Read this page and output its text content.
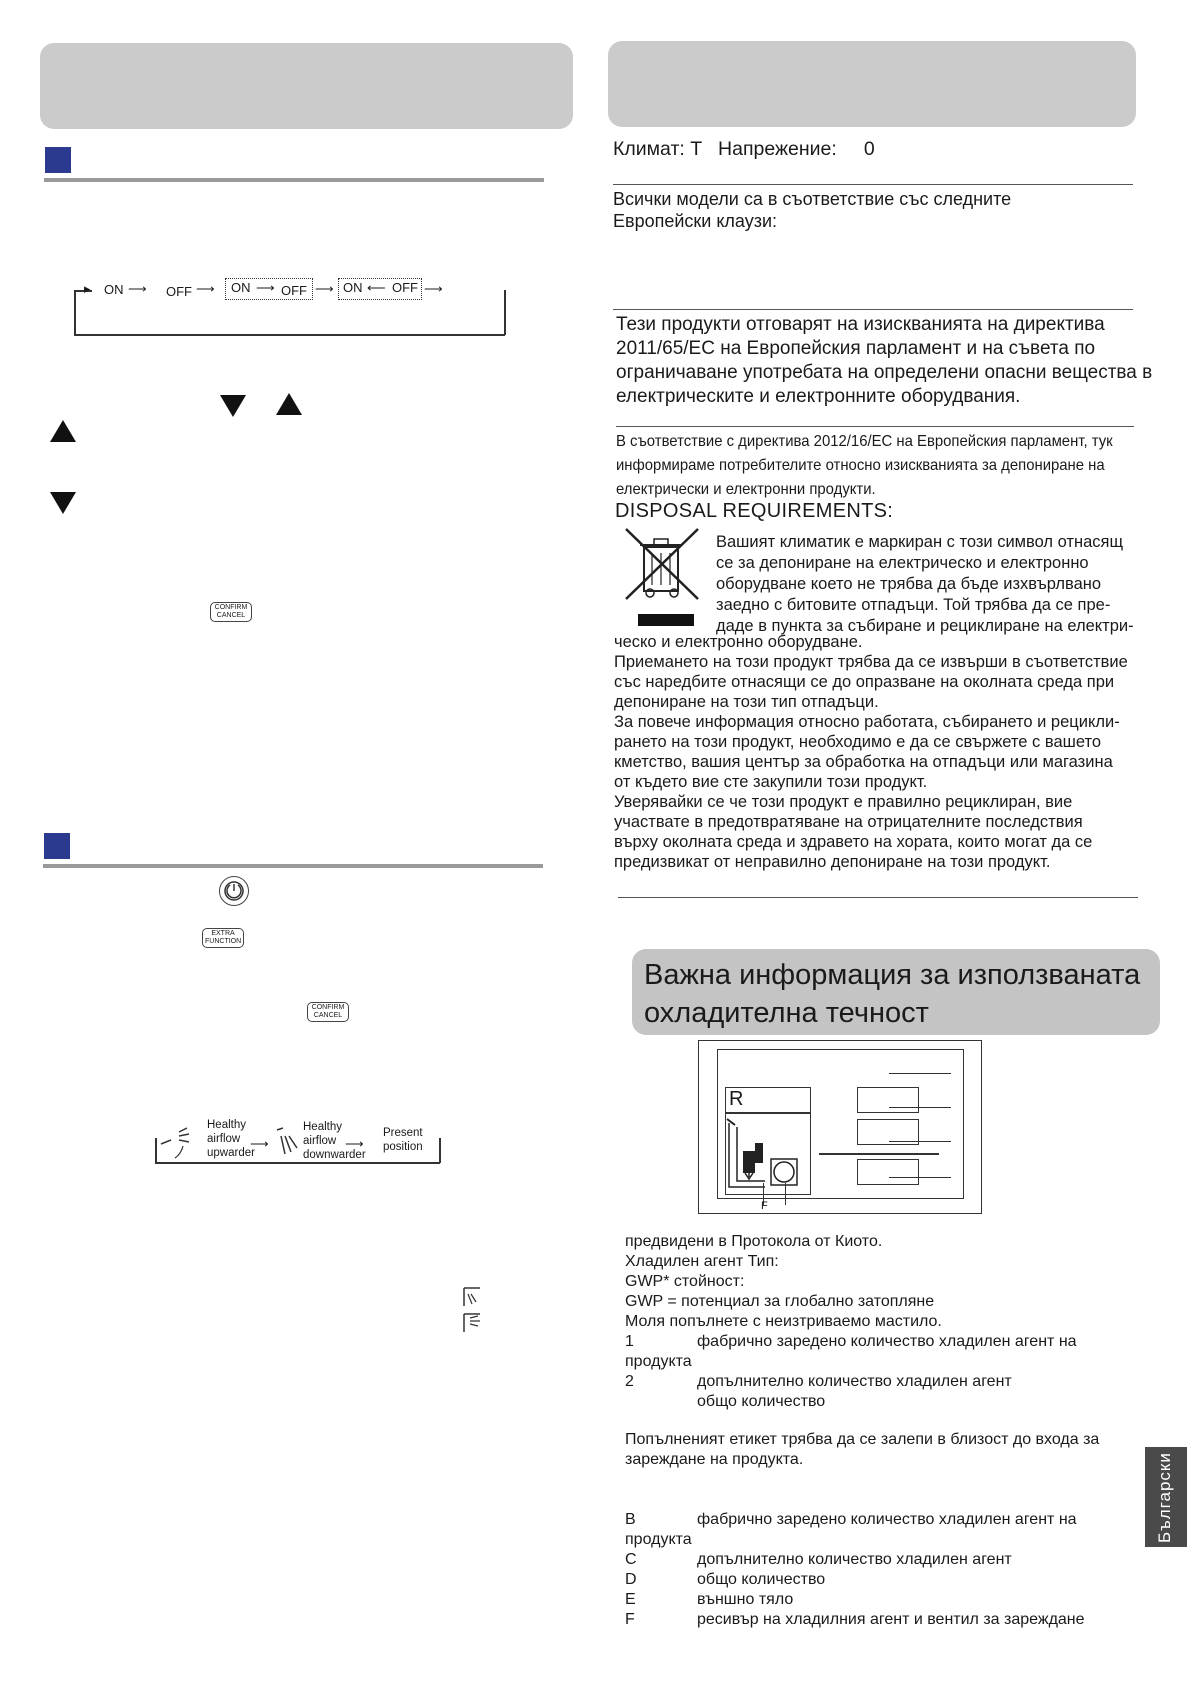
▸ ON ⟶ OFF ⟶ ON ⟶ OFF ⟶ ON ⟵ OFF ⟶
CONFIRM
CANCEL
EXTRA
FUNCTION
CONFIRM
CANCEL
Healthy airflow upwarder
⟶
Healthy airflow downwarder
⟶
Present position
Климат: T   Напрежение:     0
Всички модели са в съответствие със следните Европейски клаузи:
Тези продукти отговарят на изискванията на директива 2011/65/ЕС на Европейския парламент и на съвета по ограничаване употребата на определени опасни вещества в електрическите и електронните оборудвания.
В съответствие с директива 2012/16/ЕС на Европейския парламент, тук информираме потребителите относно изискванията за депониране на електрически и електронни продукти.
DISPOSAL REQUIREMENTS:
Вашият климатик е маркиран с този символ отнасящ
се за депониране на електрическо и електронно
оборудване което не трябва да бъде изхвърлвано
заедно с битовите отпадъци. Той трябва да се пре-
даде в пункта за събиране и рециклиране на електри-
ческо и електронно оборудване.
Приемането на този продукт трябва да се извърши в съответствие
със наредбите отнасящи се до опразване на околната среда при
депониране на този тип отпадъци.
За повече информация относно работата, събирането и рецикли-
рането на този продукт, необходимо е да се свържете с вашето
кметство, вашия център за обработка на отпадъци или магазина
от където вие сте закупили този продукт.
Уверявайки се че този продукт е правилно рециклиран, вие
участвате в предотвратяване на отрицателните последствия
върху околната среда и здравето на хората, които могат да се
предизвикат от неправилно депониране на този продукт.
Важна информация за използваната
охладителна течност
R
F
предвидени в Протокола от Киото.
Хладилен агент Тип:
GWP* стойност:
GWP = потенциал за глобално затопляне
Моля попълнете с неизтриваемо мастило.
1	фабрично заредено количество хладилен агент на
продукта
2	допълнително количество хладилен агент
общо количество
Попълненият етикет трябва да се залепи в близост до входа за зареждане на продукта.
B	фабрично заредено количество хладилен агент на
продукта
C	допълнително количество хладилен агент
D	общо количество
E	външно тяло
F	ресивър на хладилния агент и вентил за зареждане
Български
